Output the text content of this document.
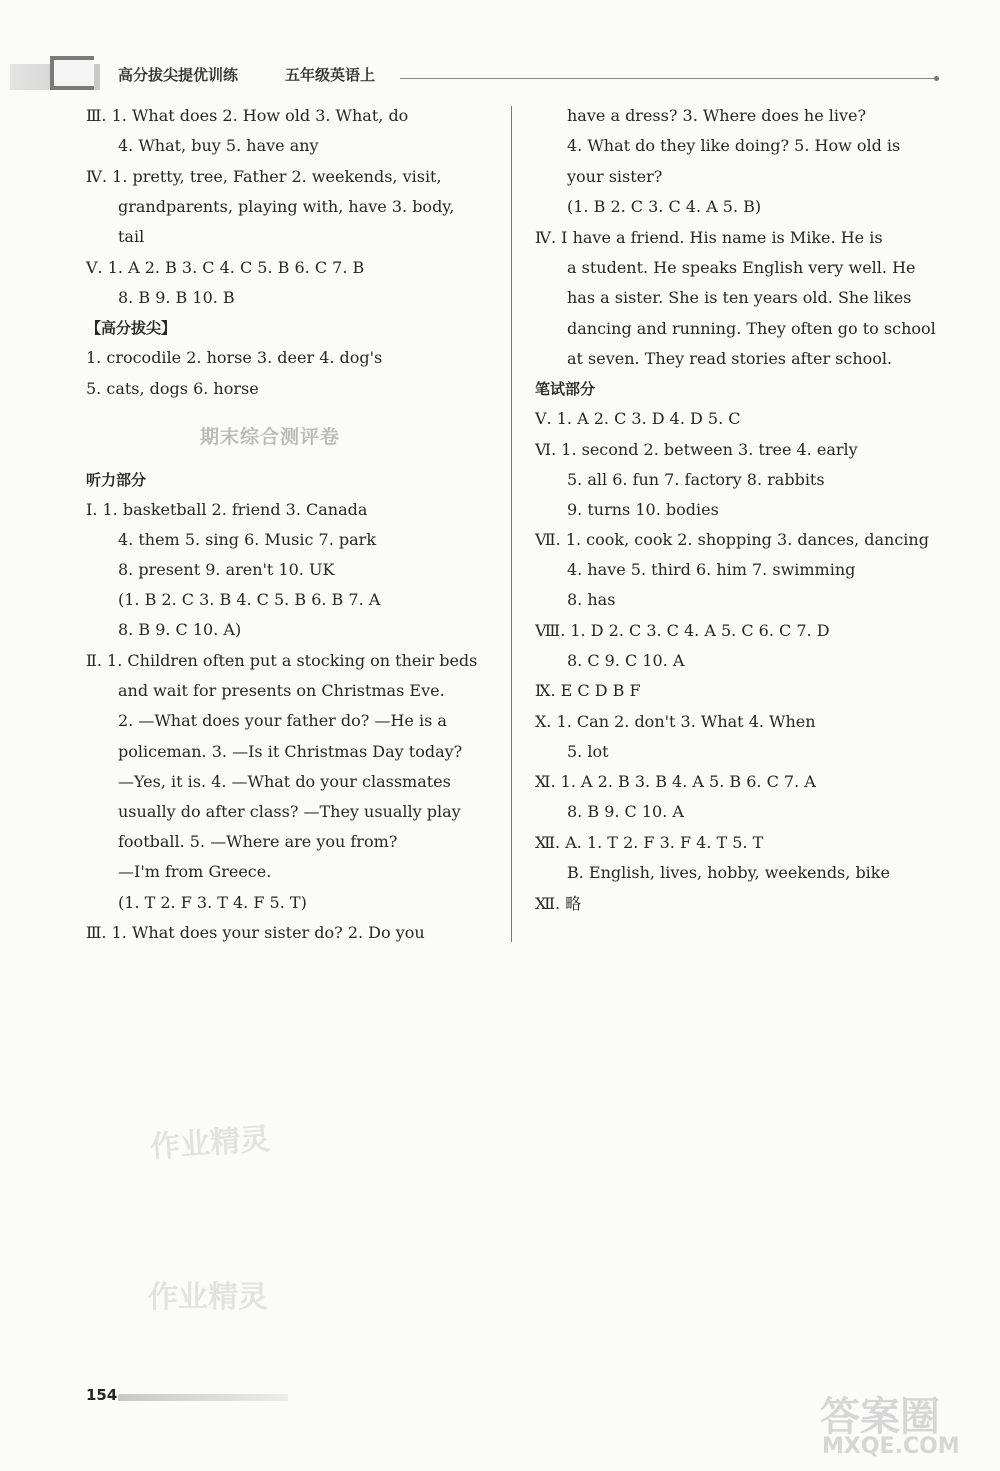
高分拔尖提优训练	五年级英语上
Ⅲ. 1. What does 2. How old 3. What, do
4. What, buy 5. have any
Ⅳ. 1. pretty, tree, Father 2. weekends, visit,
grandparents, playing with, have 3. body,
tail
Ⅴ. 1. A 2. B 3. C 4. C 5. B 6. C 7. B
8. B 9. B 10. B
【高分拔尖】
1. crocodile 2. horse 3. deer 4. dog's
5. cats, dogs 6. horse
听力部分
Ⅰ. 1. basketball 2. friend 3. Canada
4. them 5. sing 6. Music 7. park
8. present 9. aren't 10. UK
(1. B 2. C 3. B 4. C 5. B 6. B 7. A
8. B 9. C 10. A)
Ⅱ. 1. Children often put a stocking on their beds
and wait for presents on Christmas Eve.
2. —What does your father do? —He is a
policeman. 3. —Is it Christmas Day today?
—Yes, it is. 4. —What do your classmates
usually do after class? —They usually play
football. 5. —Where are you from?
—I'm from Greece.
(1. T 2. F 3. T 4. F 5. T)
Ⅲ. 1. What does your sister do? 2. Do you
期末综合测评卷
have a dress? 3. Where does he live?
4. What do they like doing? 5. How old is
your sister?
(1. B 2. C 3. C 4. A 5. B)
Ⅳ. I have a friend. His name is Mike. He is
a student. He speaks English very well. He
has a sister. She is ten years old. She likes
dancing and running. They often go to school
at seven. They read stories after school.
笔试部分
Ⅴ. 1. A 2. C 3. D 4. D 5. C
Ⅵ. 1. second 2. between 3. tree 4. early
5. all 6. fun 7. factory 8. rabbits
9. turns 10. bodies
Ⅶ. 1. cook, cook 2. shopping 3. dances, dancing
4. have 5. third 6. him 7. swimming
8. has
Ⅷ. 1. D 2. C 3. C 4. A 5. C 6. C 7. D
8. C 9. C 10. A
Ⅸ. E C D B F
Ⅹ. 1. Can 2. don't 3. What 4. When
5. lot
Ⅺ. 1. A 2. B 3. B 4. A 5. B 6. C 7. A
8. B 9. C 10. A
Ⅻ. A. 1. T 2. F 3. F 4. T 5. T
B. English, lives, hobby, weekends, bike
Ⅻ. 略
作业精灵
作业精灵
答案圈
MXQE.COM
154
